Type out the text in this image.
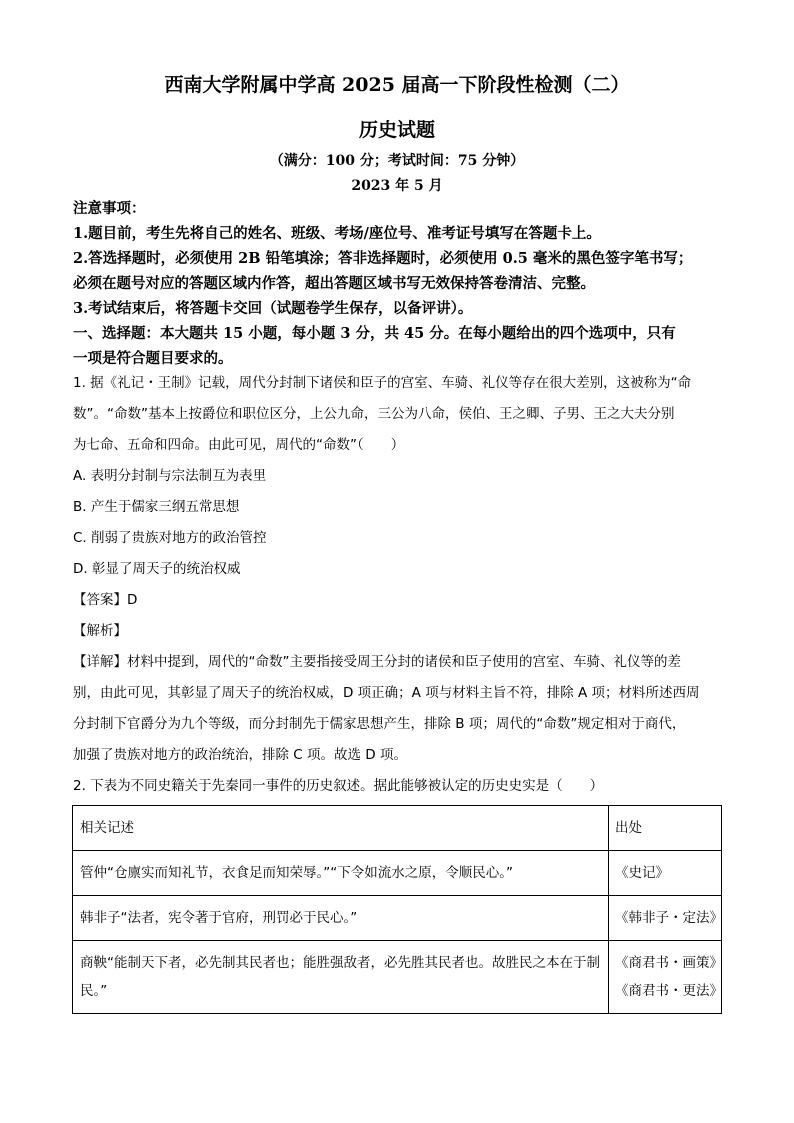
西南大学附属中学高 2025 届高一下阶段性检测（二）
历史试题
（满分：100 分；考试时间：75 分钟）
2023 年 5 月

注意事项：

1.题目前，考生先将自己的姓名、班级、考场/座位号、准考证号填写在答题卡上。

2.答选择题时，必须使用 2B 铅笔填涂；答非选择题时，必须使用 0.5 毫米的黑色签字笔书写；

必须在题号对应的答题区域内作答，超出答题区域书写无效保持答卷清洁、完整。

3.考试结束后，将答题卡交回（试题卷学生保存，以备评讲）。

一、选择题：本大题共 15 小题，每小题 3 分，共 45 分。在每小题给出的四个选项中，只有

一项是符合题目要求的。

1. 据《礼记・王制》记载，周代分封制下诸侯和臣子的宫室、车骑、礼仪等存在很大差别，这被称为“命

数”。“命数”基本上按爵位和职位区分，上公九命，三公为八命，侯伯、王之卿、子男、王之大夫分别

为七命、五命和四命。由此可见，周代的“命数”（　　）

A. 表明分封制与宗法制互为表里

B. 产生于儒家三纲五常思想

C. 削弱了贵族对地方的政治管控

D. 彰显了周天子的统治权威

【答案】D

【解析】

【详解】材料中提到，周代的“命数”主要指接受周王分封的诸侯和臣子使用的宫室、车骑、礼仪等的差

别，由此可见，其彰显了周天子的统治权威，D 项正确；A 项与材料主旨不符，排除 A 项；材料所述西周

分封制下官爵分为九个等级，而分封制先于儒家思想产生，排除 B 项；周代的“命数”规定相对于商代，

加强了贵族对地方的政治统治，排除 C 项。故选 D 项。

2. 下表为不同史籍关于先秦同一事件的历史叙述。据此能够被认定的历史史实是（　　）

相关记述	出处
管仲“仓廪实而知礼节，衣食足而知荣辱。”“下令如流水之原，令顺民心。”	《史记》
韩非子“法者，宪令著于官府，刑罚必于民心。”	《韩非子・定法》
商鞅“能制天下者，必先制其民者也；能胜强敌者，必先胜其民者也。故胜民之本在于制民。”	《商君书・画策》
《商君书・更法》
